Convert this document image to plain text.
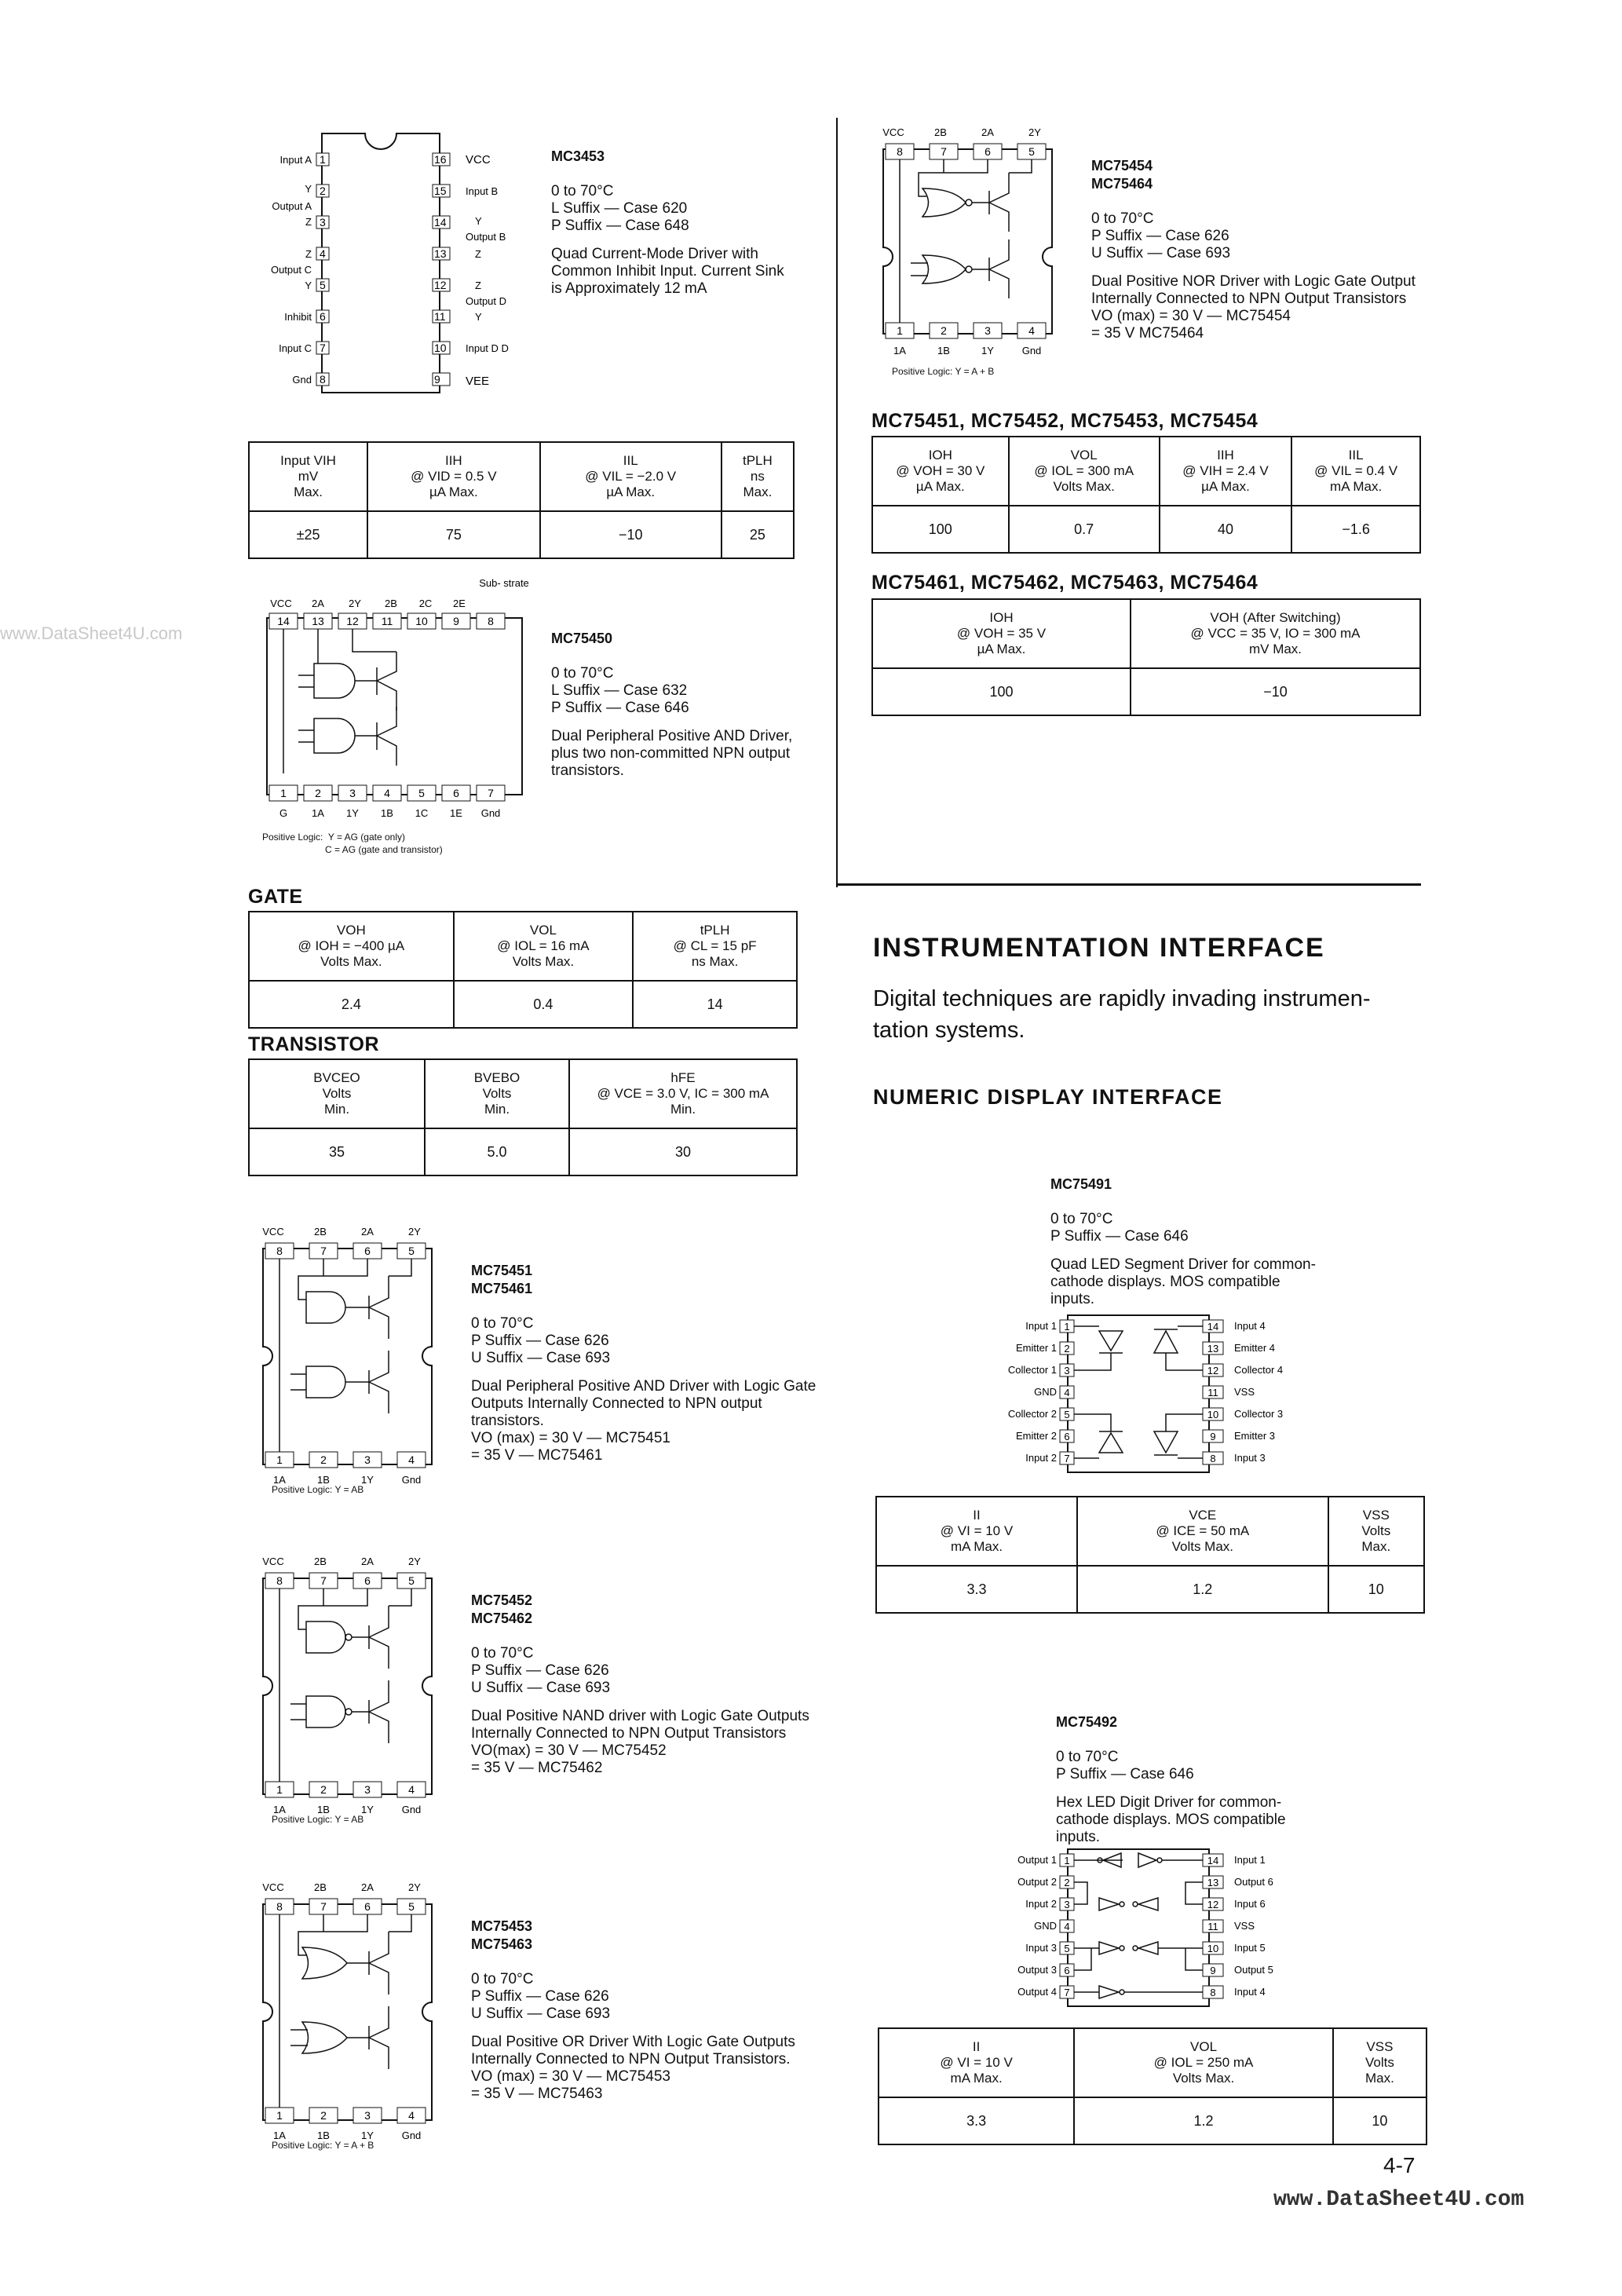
www.DataSheet4U.com
4-7
www.DataSheet4U.com
1
2
3
4
5
6
7
8
16
15
14
13
12
11
10
9
Input A
Y
Output A
Z
Z
Output C
Y
Inhibit
Input C
Gnd
VCC
Input B
Y
Output B
Z
Z
Output D
Y
Input D D
VEE

MC3453

0 to 70°C
L Suffix — Case 620
P Suffix — Case 648

Quad Current-Mode Driver with
Common Inhibit Input. Current Sink
is Approximately 12 mA

Input VIH
mV
Max.	IIH
@ VID = 0.5 V
µA Max.	IIL
@ VIL = −2.0 V
µA Max.	tPLH
ns
Max.
±25	75	−10	25
VCC 2A 2Y 2B 2C 2E
Sub- strate
14 13 12 11 10 9	8
1	2	3	4	5	6	7
G 1A 1Y 1B 1C 1E Gnd
Positive Logic:  Y = AG (gate only)
C = AG (gate and transistor)

MC75450

0 to 70°C
L Suffix — Case 632
P Suffix — Case 646

Dual Peripheral Positive AND Driver,
plus two non-committed NPN output
transistors.

GATE
VOH
@ IOH = −400 µA
Volts Max.	VOL
@ IOL = 16 mA
Volts Max.	tPLH
@ CL = 15 pF
ns Max.
2.4	0.4	14
TRANSISTOR
BVCEO
Volts
Min.	BVEBO
Volts
Min.	hFE
@ VCE = 3.0 V, IC = 300 mA
Min.
35	5.0	30
VCC	2B	2A	2Y
8	7	6	5
1	2	3	4
1A	1B	1Y	Gnd
Positive Logic: Y = AB

MC75451
MC75461

0 to 70°C
P Suffix — Case 626
U Suffix — Case 693

Dual Peripheral Positive AND Driver with Logic Gate
Outputs Internally Connected to NPN output
transistors.
VO (max) = 30 V — MC75451
= 35 V — MC75461

VCC	2B	2A	2Y
8	7	6	5
1	2	3	4
1A	1B	1Y	Gnd
Positive Logic: Y = AB

MC75452
MC75462

0 to 70°C
P Suffix — Case 626
U Suffix — Case 693

Dual Positive NAND driver with Logic Gate Outputs
Internally Connected to NPN Output Transistors
VO(max) = 30 V — MC75452
= 35 V — MC75462

VCC	2B	2A	2Y
8	7	6	5
1	2	3	4
1A	1B	1Y	Gnd
Positive Logic: Y = A + B

MC75453
MC75463

0 to 70°C
P Suffix — Case 626
U Suffix — Case 693

Dual Positive OR Driver With Logic Gate Outputs
Internally Connected to NPN Output Transistors.
VO (max) = 30 V — MC75453
= 35 V — MC75463

VCC	2B	2A	2Y
8	7	6	5
1	2	3	4
1A	1B	1Y	Gnd
Positive Logic: Y = A + B

MC75454
MC75464

0 to 70°C
P Suffix — Case 626
U Suffix — Case 693

Dual Positive NOR Driver with Logic Gate Output
Internally Connected to NPN Output Transistors
VO (max) = 30 V — MC75454
= 35 V MC75464

MC75451, MC75452, MC75453, MC75454
IOH
@ VOH = 30 V
µA Max.	VOL
@ IOL = 300 mA
Volts Max.	IIH
@ VIH = 2.4 V
µA Max.	IIL
@ VIL = 0.4 V
mA Max.
100	0.7	40	−1.6
MC75461, MC75462, MC75463, MC75464
IOH
@ VOH = 35 V
µA Max.	VOH (After Switching)
@ VCC = 35 V, IO = 300 mA
mV Max.
100	−10
INSTRUMENTATION INTERFACE
Digital techniques are rapidly invading instrumen-
tation systems.
NUMERIC DISPLAY INTERFACE

MC75491

0 to 70°C
P Suffix — Case 646

Quad LED Segment Driver for common-
cathode displays. MOS compatible
inputs.

Input 1
Emitter 1
Collector 1
GND
Collector 2
Emitter 2
Input 2
Input 4
Emitter 4
Collector 4
VSS
Collector 3
Emitter 3
Input 3
1
2
3
4
5
6
7
14
13
12
11
10
9
8
II
@ VI = 10 V
mA Max.	VCE
@ ICE = 50 mA
Volts Max.	VSS
Volts
Max.
3.3	1.2	10

MC75492

0 to 70°C
P Suffix — Case 646

Hex LED Digit Driver for common-
cathode displays. MOS compatible
inputs.

Output 1
Output 2
Input 2
GND
Input 3
Output 3
Output 4
Input 1
Output 6
Input 6
VSS
Input 5
Output 5
Input 4
1
2
3
4
5
6
7
14
13
12
11
10
9
8
II
@ VI = 10 V
mA Max.	VOL
@ IOL = 250 mA
Volts Max.	VSS
Volts
Max.
3.3	1.2	10
